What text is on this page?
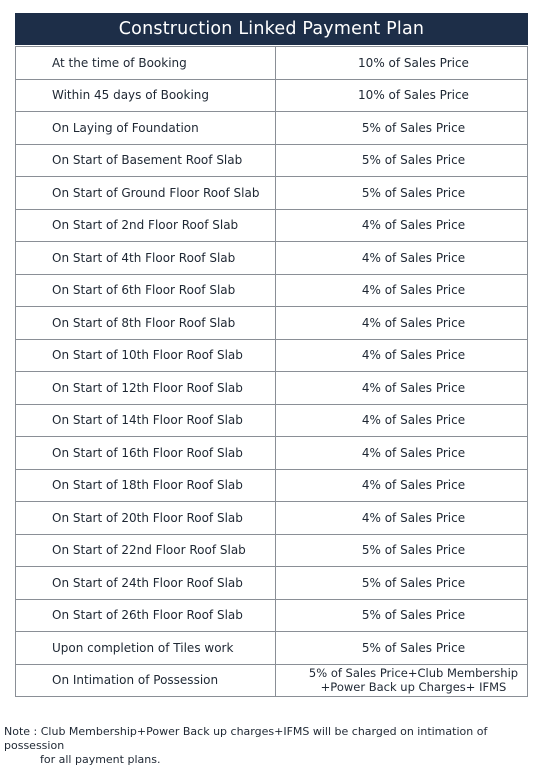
Construction Linked Payment Plan
At the time of Booking	10% of Sales Price
Within 45 days of Booking	10% of Sales Price
On Laying of Foundation	5% of Sales Price
On Start of Basement Roof Slab	5% of Sales Price
On Start of Ground Floor Roof Slab	5% of Sales Price
On Start of 2nd Floor Roof Slab	4% of Sales Price
On Start of 4th Floor Roof Slab	4% of Sales Price
On Start of 6th Floor Roof Slab	4% of Sales Price
On Start of 8th Floor Roof Slab	4% of Sales Price
On Start of 10th Floor Roof Slab	4% of Sales Price
On Start of 12th Floor Roof Slab	4% of Sales Price
On Start of 14th Floor Roof Slab	4% of Sales Price
On Start of 16th Floor Roof Slab	4% of Sales Price
On Start of 18th Floor Roof Slab	4% of Sales Price
On Start of 20th Floor Roof Slab	4% of Sales Price
On Start of 22nd Floor Roof Slab	5% of Sales Price
On Start of 24th Floor Roof Slab	5% of Sales Price
On Start of 26th Floor Roof Slab	5% of Sales Price
Upon completion of Tiles work	5% of Sales Price
On Intimation of Possession	5% of Sales Price+Club Membership
+Power Back up Charges+ IFMS
Note : Club Membership+Power Back up charges+IFMS will be charged on intimation of possession
for all payment plans.
